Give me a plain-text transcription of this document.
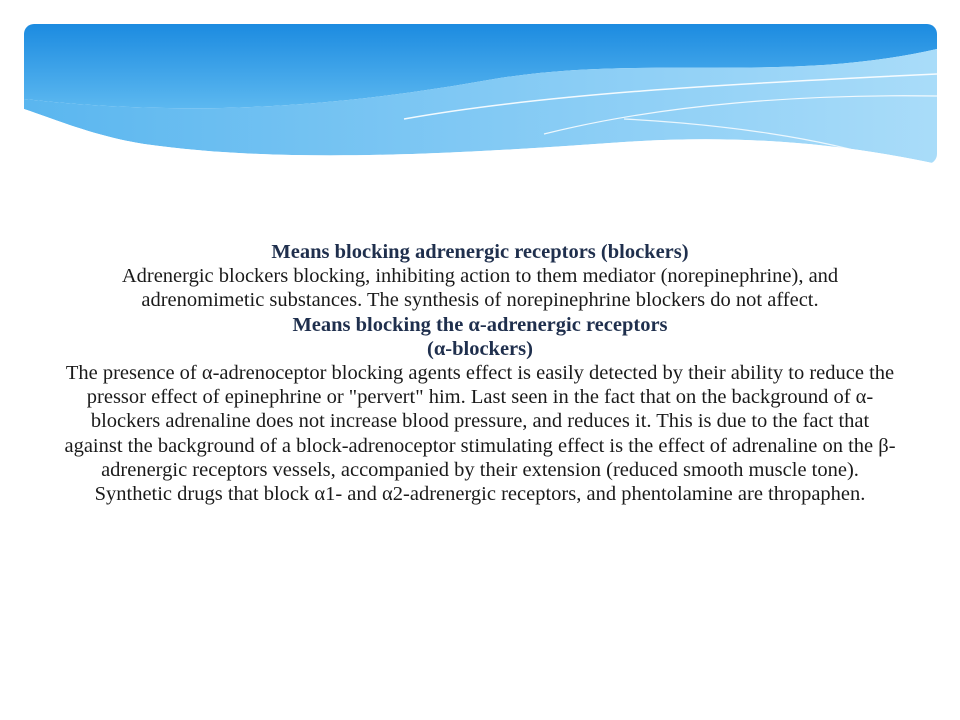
Means blocking adrenergic receptors (blockers)
Adrenergic blockers blocking, inhibiting action to them mediator (norepinephrine), and adrenomimetic substances. The synthesis of norepinephrine blockers do not affect.
Means blocking the α-adrenergic receptors
(α-blockers)
The presence of α-adrenoceptor blocking agents effect is easily detected by their ability to reduce the pressor effect of epinephrine or "pervert" him. Last seen in the fact that on the background of α-blockers adrenaline does not increase blood pressure, and reduces it. This is due to the fact that against the background of a block-adrenoceptor stimulating effect is the effect of adrenaline on the β-adrenergic receptors vessels, accompanied by their extension (reduced smooth muscle tone). Synthetic drugs that block α1- and α2-adrenergic receptors, and phentolamine are thropaphen.
